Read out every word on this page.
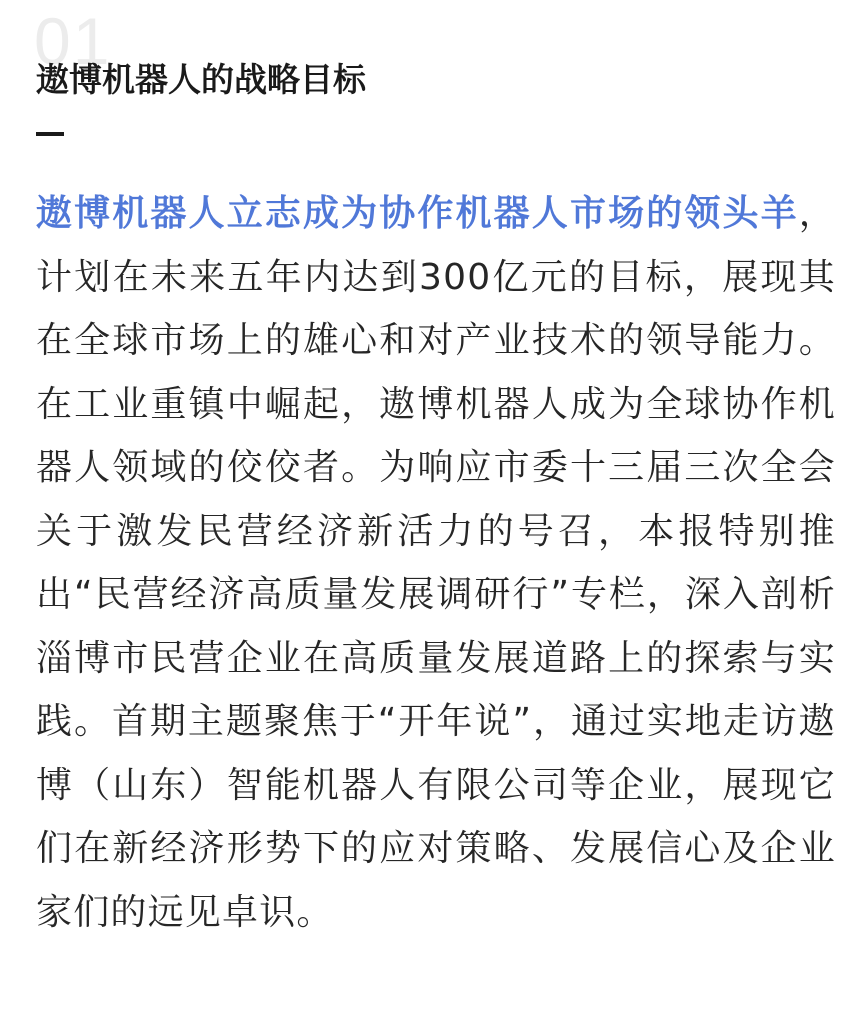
01
遨博机器人的战略目标

遨博机器人立志成为协作机器人市场的领头羊，计划在未来五年内达到300亿元的目标，展现其在全球市场上的雄心和对产业技术的领导能力。在工业重镇中崛起，遨博机器人成为全球协作机器人领域的佼佼者。为响应市委十三届三次全会关于激发民营经济新活力的号召，本报特别推出“民营经济高质量发展调研行”专栏，深入剖析淄博市民营企业在高质量发展道路上的探索与实践。首期主题聚焦于“开年说”，通过实地走访遨博（山东）智能机器人有限公司等企业，展现它们在新经济形势下的应对策略、发展信心及企业家们的远见卓识。
